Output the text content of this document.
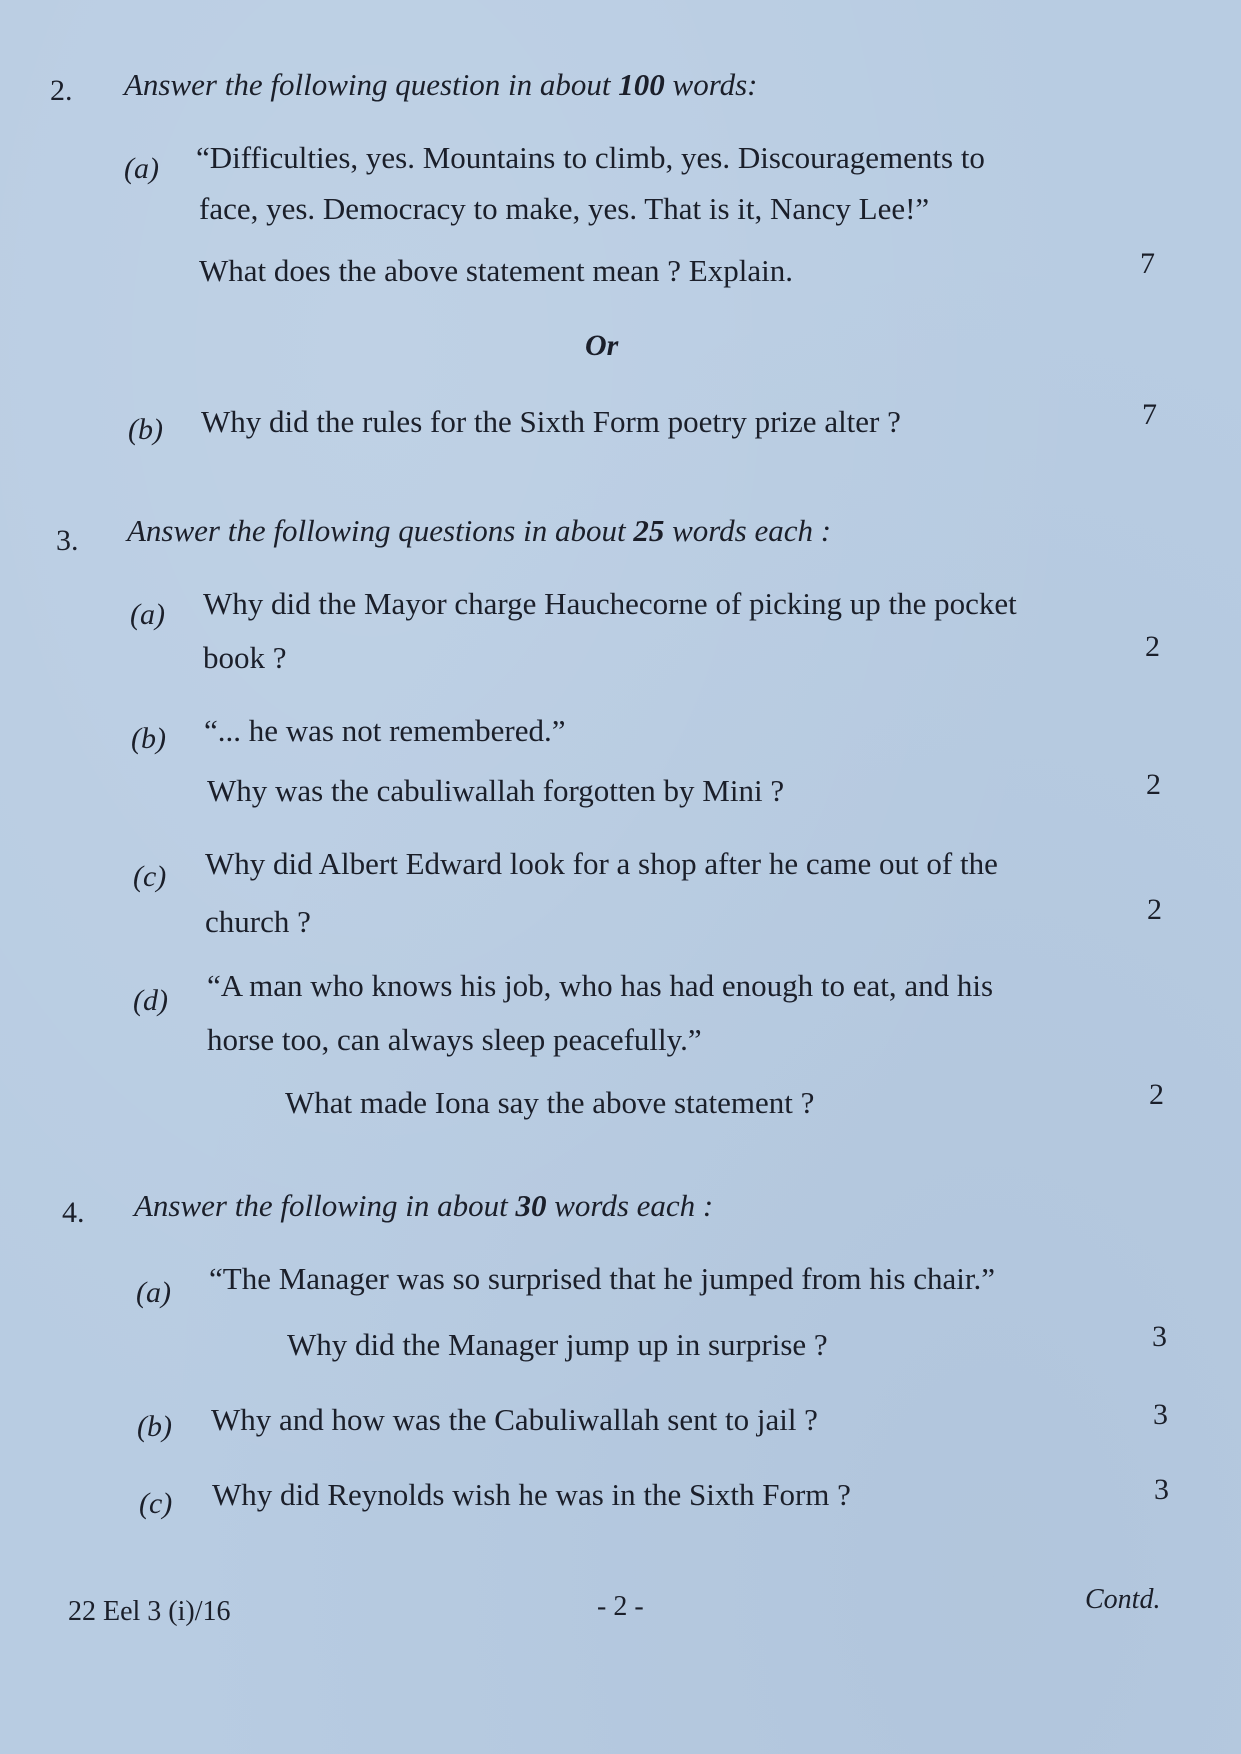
2. Answer the following question in about 100 words:
(a) “Difficulties, yes. Mountains to climb, yes. Discouragements to
face, yes. Democracy to make, yes. That is it, Nancy Lee!”
What does the above statement mean ? Explain.	7
Or
(b) Why did the rules for the Sixth Form poetry prize alter ?	7
3. Answer the following questions in about 25 words each :
(a) Why did the Mayor charge Hauchecorne of picking up the pocket
book ?	2
(b) “... he was not remembered.”
Why was the cabuliwallah forgotten by Mini ?	2
(c) Why did Albert Edward look for a shop after he came out of the
church ?	2
(d) “A man who knows his job, who has had enough to eat, and his
horse too, can always sleep peacefully.”
What made Iona say the above statement ?	2
4. Answer the following in about 30 words each :
(a) “The Manager was so surprised that he jumped from his chair.”
Why did the Manager jump up in surprise ?	3
(b) Why and how was the Cabuliwallah sent to jail ?	3
(c) Why did Reynolds wish he was in the Sixth Form ?	3
22 Eel 3 (i)/16	- 2 -	Contd.
